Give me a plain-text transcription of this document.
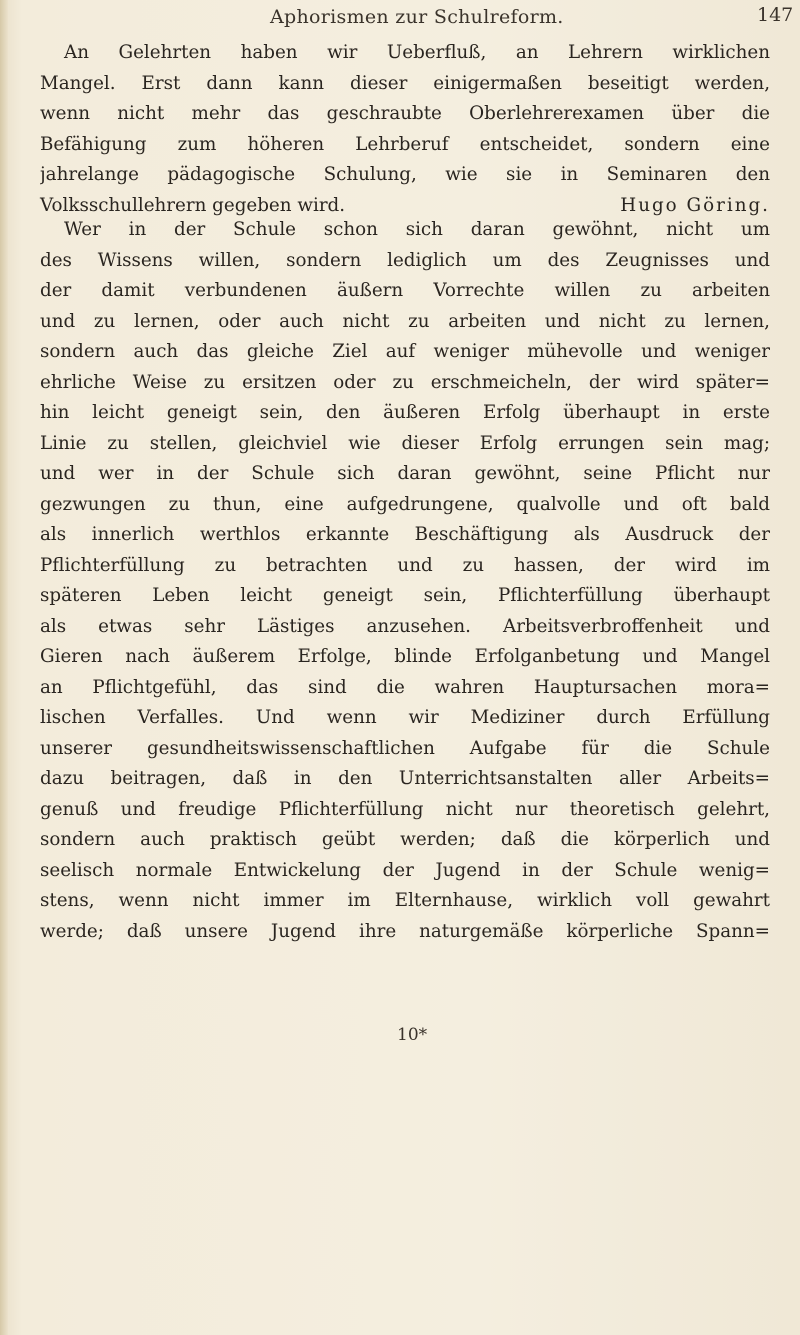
Aphorismen zur Schulreform.	147
An Gelehrten haben wir Ueberfluß, an Lehrern wirklichen
Mangel. Erst dann kann dieser einigermaßen beseitigt werden,
wenn nicht mehr das geschraubte Oberlehrerexamen über die
Befähigung zum höheren Lehrberuf entscheidet, sondern eine
jahrelange pädagogische Schulung, wie sie in Seminaren den
Volksschullehrern gegeben wird.	Hugo Göring.
Wer in der Schule schon sich daran gewöhnt, nicht um
des Wissens willen, sondern lediglich um des Zeugnisses und
der damit verbundenen äußern Vorrechte willen zu arbeiten
und zu lernen, oder auch nicht zu arbeiten und nicht zu lernen,
sondern auch das gleiche Ziel auf weniger mühevolle und weniger
ehrliche Weise zu ersitzen oder zu erschmeicheln, der wird später=
hin leicht geneigt sein, den äußeren Erfolg überhaupt in erste
Linie zu stellen, gleichviel wie dieser Erfolg errungen sein mag;
und wer in der Schule sich daran gewöhnt, seine Pflicht nur
gezwungen zu thun, eine aufgedrungene, qualvolle und oft bald
als innerlich werthlos erkannte Beschäftigung als Ausdruck der
Pflichterfüllung zu betrachten und zu hassen, der wird im
späteren Leben leicht geneigt sein, Pflichterfüllung überhaupt
als etwas sehr Lästiges anzusehen. Arbeitsverbroffenheit und
Gieren nach äußerem Erfolge, blinde Erfolganbetung und Mangel
an Pflichtgefühl, das sind die wahren Hauptursachen mora=
lischen Verfalles. Und wenn wir Mediziner durch Erfüllung
unserer gesundheitswissenschaftlichen Aufgabe für die Schule
dazu beitragen, daß in den Unterrichtsanstalten aller Arbeits=
genuß und freudige Pflichterfüllung nicht nur theoretisch gelehrt,
sondern auch praktisch geübt werden; daß die körperlich und
seelisch normale Entwickelung der Jugend in der Schule wenig=
stens, wenn nicht immer im Elternhause, wirklich voll gewahrt
werde; daß unsere Jugend ihre naturgemäße körperliche Spann=
10*
